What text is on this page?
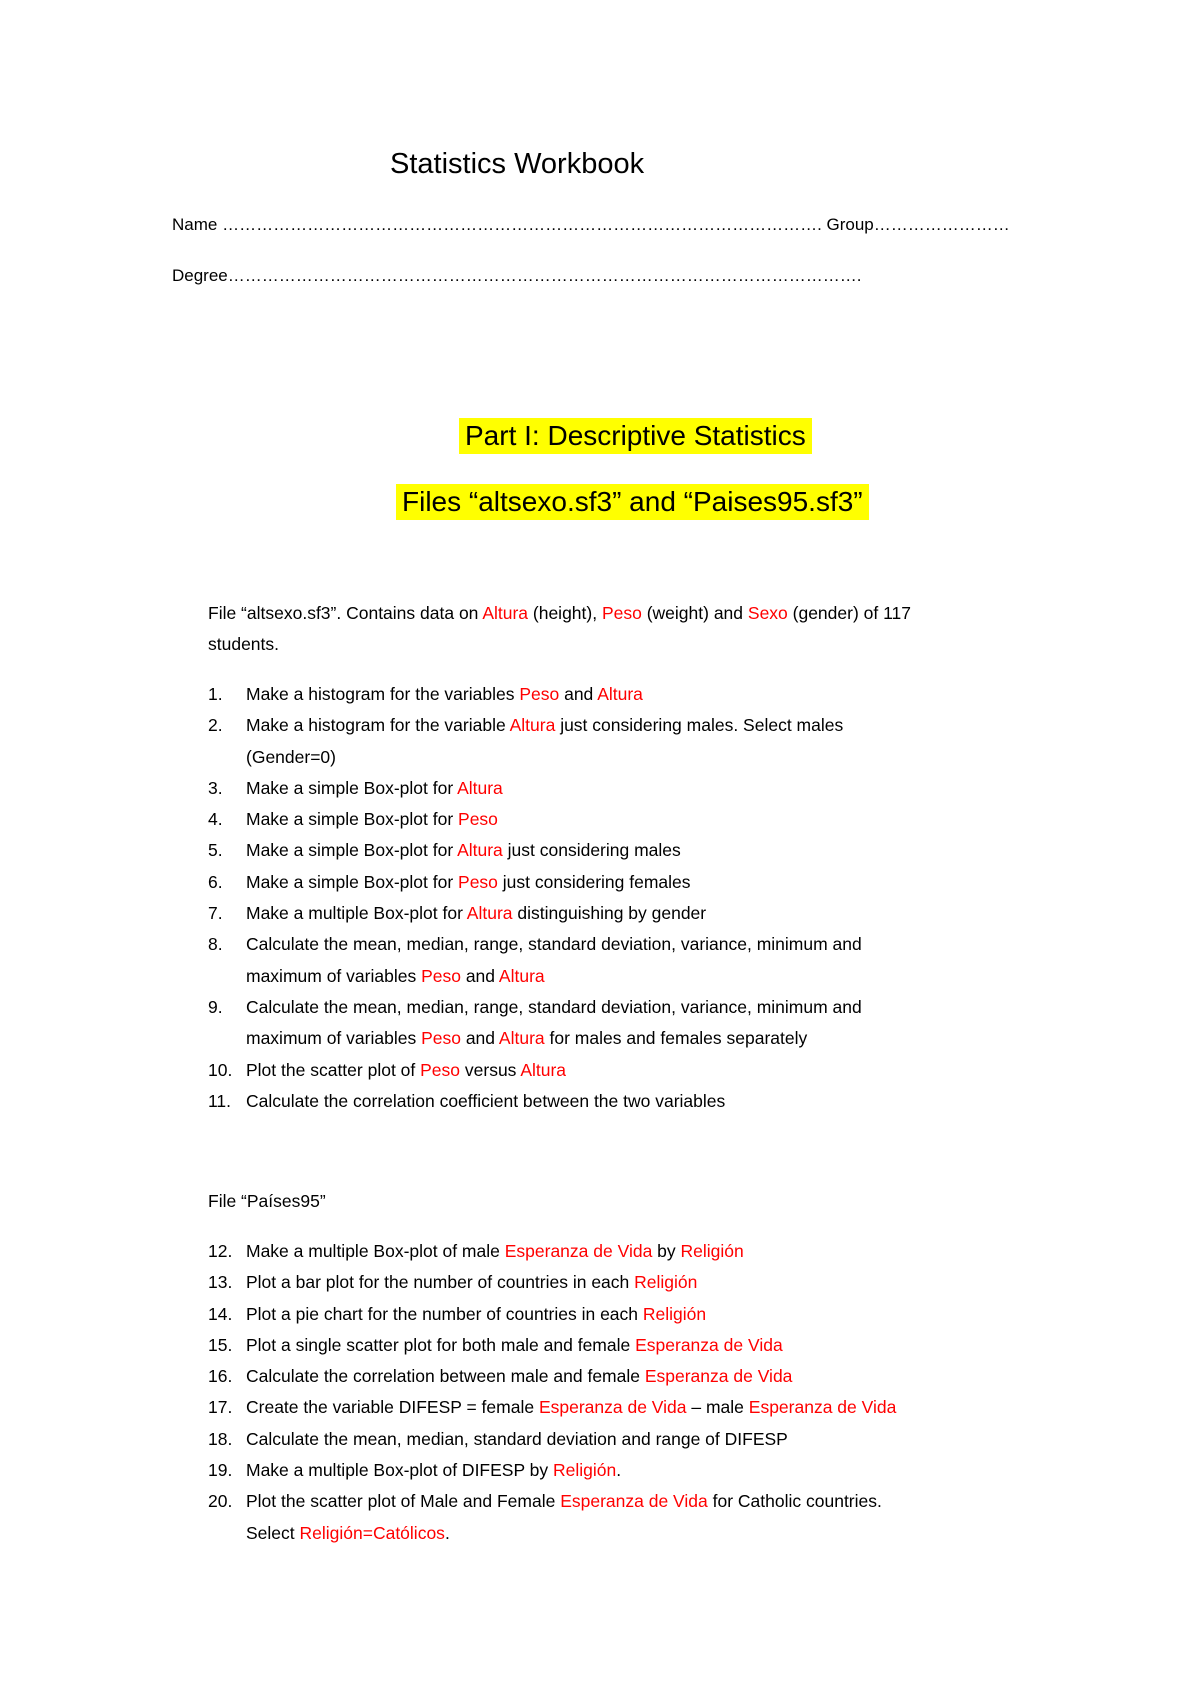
Statistics Workbook
Name ……………………………………………………………………………………………. Group……………………
Degree………………………………………………………………………………………………….
Part I: Descriptive Statistics
Files “altsexo.sf3” and “Paises95.sf3”
File “altsexo.sf3”. Contains data on Altura (height), Peso (weight) and Sexo (gender) of 117
students.
1. Make a histogram for the variables Peso and Altura
2. Make a histogram for the variable Altura just considering males. Select males
(Gender=0)
3. Make a simple Box-plot for Altura
4. Make a simple Box-plot for Peso
5. Make a simple Box-plot for Altura just considering males
6. Make a simple Box-plot for Peso just considering females
7. Make a multiple Box-plot for Altura distinguishing by gender
8. Calculate the mean, median, range, standard deviation, variance, minimum and
maximum of variables Peso and Altura
9. Calculate the mean, median, range, standard deviation, variance, minimum and
maximum of variables Peso and Altura for males and females separately
10. Plot the scatter plot of Peso versus Altura
11. Calculate the correlation coefficient between the two variables
File “Países95”
12. Make a multiple Box-plot of male Esperanza de Vida by Religión
13. Plot a bar plot for the number of countries in each Religión
14. Plot a pie chart for the number of countries in each Religión
15. Plot a single scatter plot for both male and female Esperanza de Vida
16. Calculate the correlation between male and female Esperanza de Vida
17. Create the variable DIFESP = female Esperanza de Vida – male Esperanza de Vida
18. Calculate the mean, median, standard deviation and range of DIFESP
19. Make a multiple Box-plot of DIFESP by Religión.
20. Plot the scatter plot of Male and Female Esperanza de Vida for Catholic countries.
Select Religión=Católicos.
